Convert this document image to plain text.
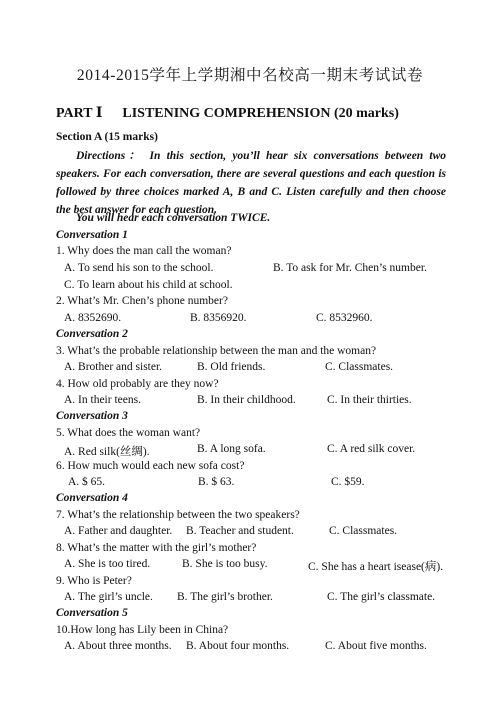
2014-2015学年上学期湘中名校高一期末考试试卷
PART Ⅰ LISTENING COMPREHENSION (20 marks)
Section A (15 marks)
Directions： In this section, you’ll hear six conversations between two speakers. For each conversation, there are several questions and each question is followed by three choices marked A, B and C. Listen carefully and then choose the best answer for each question.
You will hear each conversation TWICE.
Conversation 1
1. Why does the man call the woman?
A. To send his son to the school.	B. To ask for Mr. Chen’s number.
C. To learn about his child at school.
2. What’s Mr. Chen’s phone number?
A. 8352690.	B. 8356920.	C. 8532960.
Conversation 2
3. What’s the probable relationship between the man and the woman?
A. Brother and sister.	B. Old friends.	C. Classmates.
4. How old probably are they now?
A. In their teens.	B. In their childhood.	C. In their thirties.
Conversation 3
5. What does the woman want?
A. Red silk(丝绸).	B. A long sofa.	C. A red silk cover.
6. How much would each new sofa cost?
A. $ 65.	B. $ 63.	C. $59.
Conversation 4
7. What’s the relationship between the two speakers?
A. Father and daughter. B. Teacher and student.	C. Classmates.
8. What’s the matter with the girl’s mother?
A. She is too tired.	B. She is too busy.	C. She has a heart isease(病).
9. Who is Peter?
A. The girl’s uncle. B. The girl’s brother.	C. The girl’s classmate.
Conversation 5
10.How long has Lily been in China?
A. About three months. B. About four months.	C. About five months.
